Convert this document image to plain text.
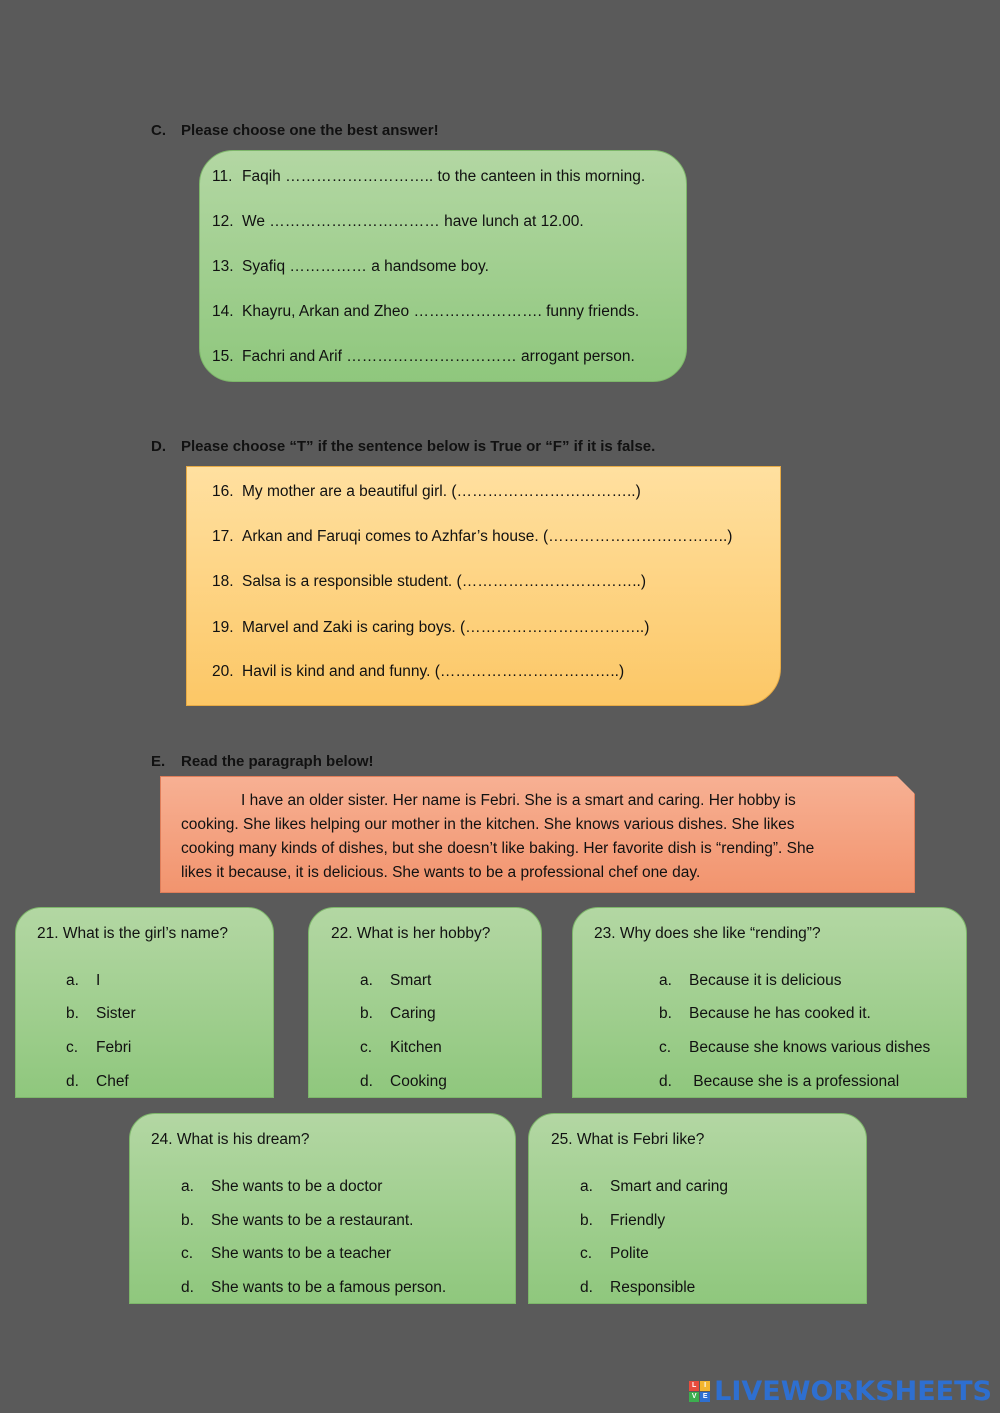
C. Please choose one the best answer!
11. Faqih ……………………….. to the canteen in this morning.
12. We …………………………… have lunch at 12.00.
13. Syafiq …………… a handsome boy.
14. Khayru, Arkan and Zheo ……………………. funny friends.
15. Fachri and Arif …………………………… arrogant person.
D. Please choose “T” if the sentence below is True or “F” if it is false.
16. My mother are a beautiful girl. (……………………………..)
17. Arkan and Faruqi comes to Azhfar’s house. (……………………………..)
18. Salsa is a responsible student. (……………………………..)
19. Marvel and Zaki is caring boys. (……………………………..)
20. Havil is kind and and funny. (……………………………..)
E. Read the paragraph below!
I have an older sister. Her name is Febri. She is a smart and caring. Her hobby is
cooking. She likes helping our mother in the kitchen. She knows various dishes. She likes
cooking many kinds of dishes, but she doesn’t like baking. Her favorite dish is “rending”. She
likes it because, it is delicious. She wants to be a professional chef one day.
21. What is the girl’s name?
a. I
b. Sister
c. Febri
d. Chef
22. What is her hobby?
a. Smart
b. Caring
c. Kitchen
d. Cooking
23. Why does she like “rending”?
a. Because it is delicious
b. Because he has cooked it.
c. Because she knows various dishes
d. Because she is a professional
24. What is his dream?
a. She wants to be a doctor
b. She wants to be a restaurant.
c. She wants to be a teacher
d. She wants to be a famous person.
25. What is Febri like?
a. Smart and caring
b. Friendly
c. Polite
d. Responsible
L	I
V E LIVEWORKSHEETS
